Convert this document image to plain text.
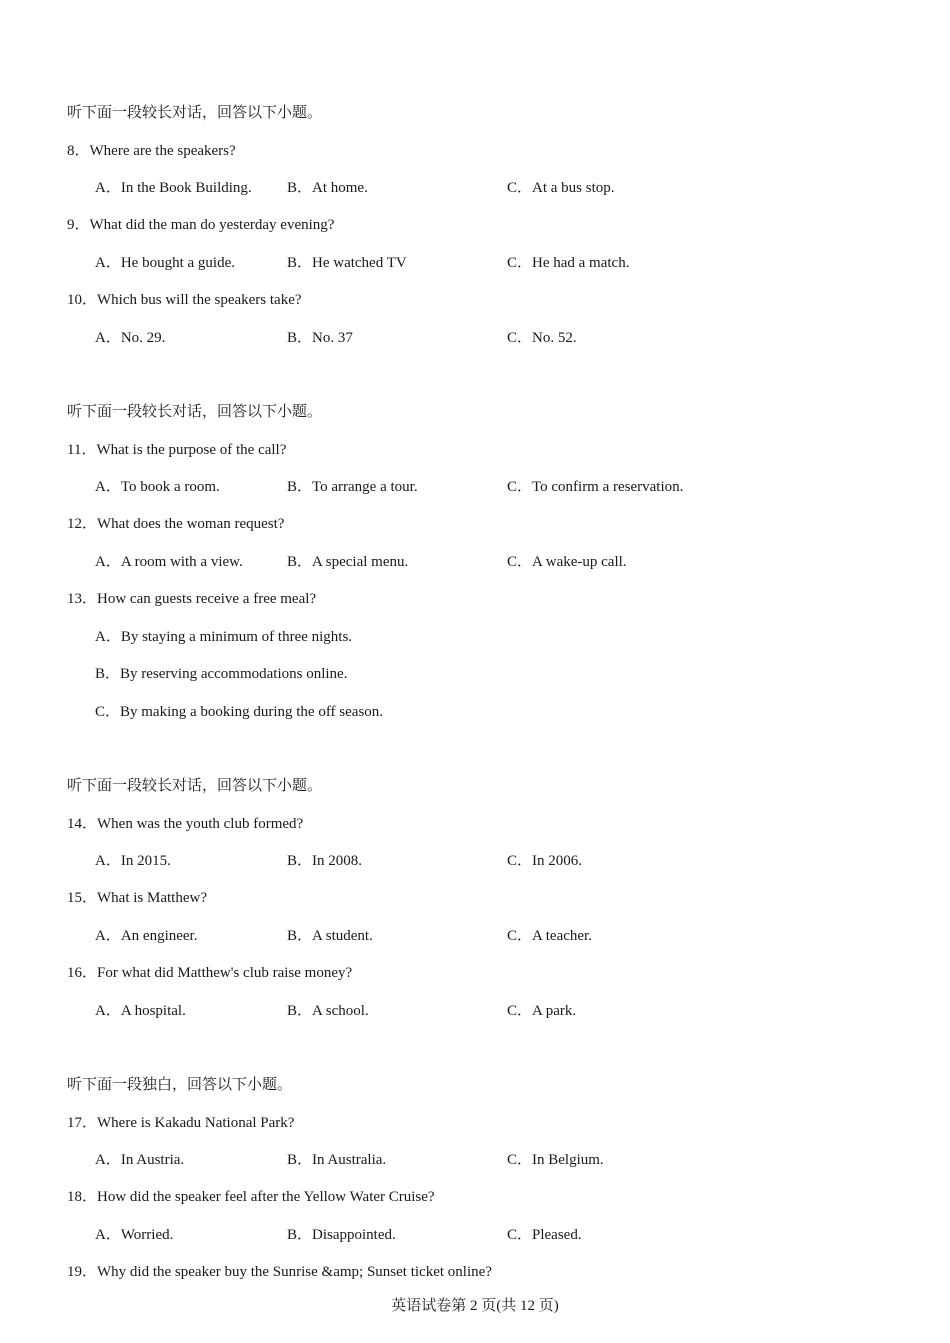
听下面一段较长对话，回答以下小题。
8．Where are the speakers?
A．In the Book Building. B．At home.	C．At a bus stop.
9．What did the man do yesterday evening?
A．He bought a guide.	B．He watched TV	C．He had a match.
10．Which bus will the speakers take?
A．No. 29.	B．No. 37	C．No. 52.
听下面一段较长对话，回答以下小题。
11．What is the purpose of the call?
A．To book a room.	B．To arrange a tour.	C．To confirm a reservation.
12．What does the woman request?
A．A room with a view.	B．A special menu.	C．A wake-up call.
13．How can guests receive a free meal?
A．By staying a minimum of three nights.
B．By reserving accommodations online.
C．By making a booking during the off season.
听下面一段较长对话，回答以下小题。
14．When was the youth club formed?
A．In 2015.	B．In 2008.	C．In 2006.
15．What is Matthew?
A．An engineer.	B．A student.	C．A teacher.
16．For what did Matthew's club raise money?
A．A hospital.	B．A school.	C．A park.
听下面一段独白，回答以下小题。
17．Where is Kakadu National Park?
A．In Austria.	B．In Australia.	C．In Belgium.
18．How did the speaker feel after the Yellow Water Cruise?
A．Worried.	B．Disappointed.	C．Pleased.
19．Why did the speaker buy the Sunrise &amp; Sunset ticket online?
英语试卷第 2 页(共 12 页)
